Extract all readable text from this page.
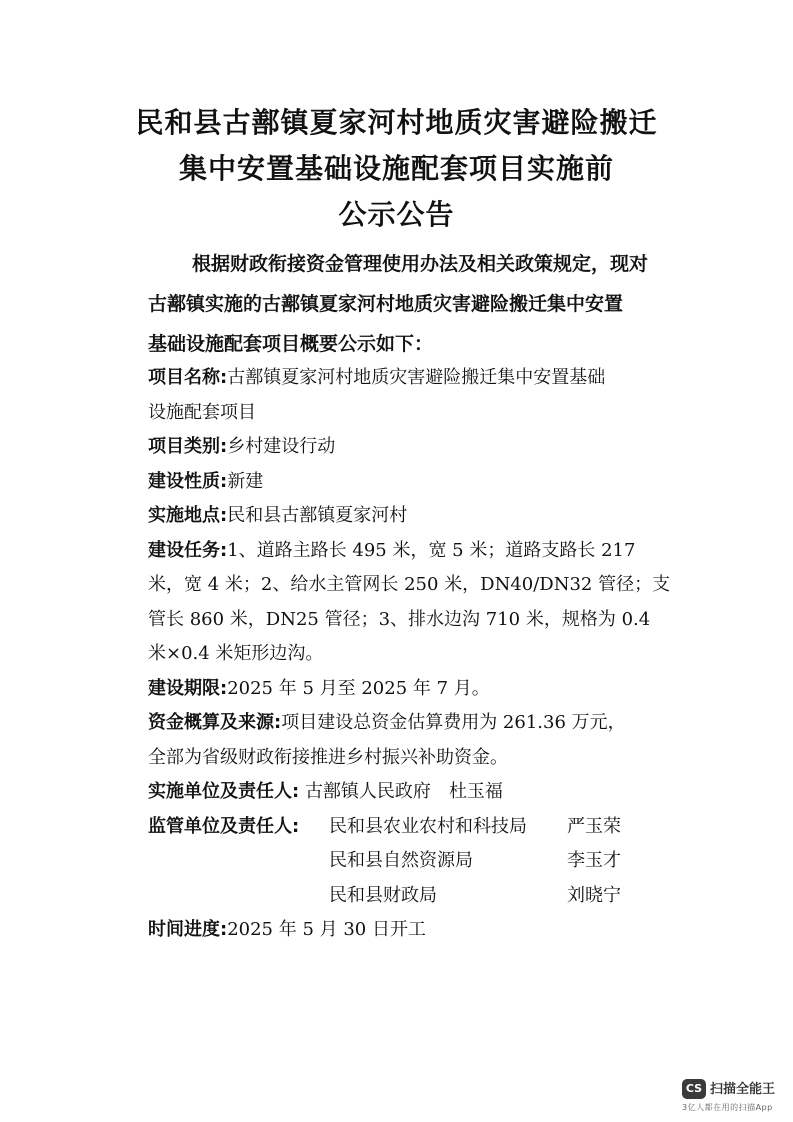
民和县古鄯镇夏家河村地质灾害避险搬迁
集中安置基础设施配套项目实施前
公示公告
根据财政衔接资金管理使用办法及相关政策规定，现对
古鄯镇实施的古鄯镇夏家河村地质灾害避险搬迁集中安置
基础设施配套项目概要公示如下：
项目名称:古鄯镇夏家河村地质灾害避险搬迁集中安置基础
设施配套项目
项目类别:乡村建设行动
建设性质:新建
实施地点:民和县古鄯镇夏家河村
建设任务:1、道路主路长 495 米，宽 5 米；道路支路长 217
米，宽 4 米；2、给水主管网长 250 米，DN40/DN32 管径；支
管长 860 米，DN25 管径；3、排水边沟 710 米，规格为 0.4
米×0.4 米矩形边沟。
建设期限:2025 年 5 月至 2025 年 7 月。
资金概算及来源:项目建设总资金估算费用为 261.36 万元，
全部为省级财政衔接推进乡村振兴补助资金。
实施单位及责任人: 古鄯镇人民政府 杜玉福
监管单位及责任人: 民和县农业农村和科技局 严玉荣
民和县自然资源局	李玉才
民和县财政局	刘晓宁
时间进度:2025 年 5 月 30 日开工
CS 扫描全能王
3亿人都在用的扫描App
